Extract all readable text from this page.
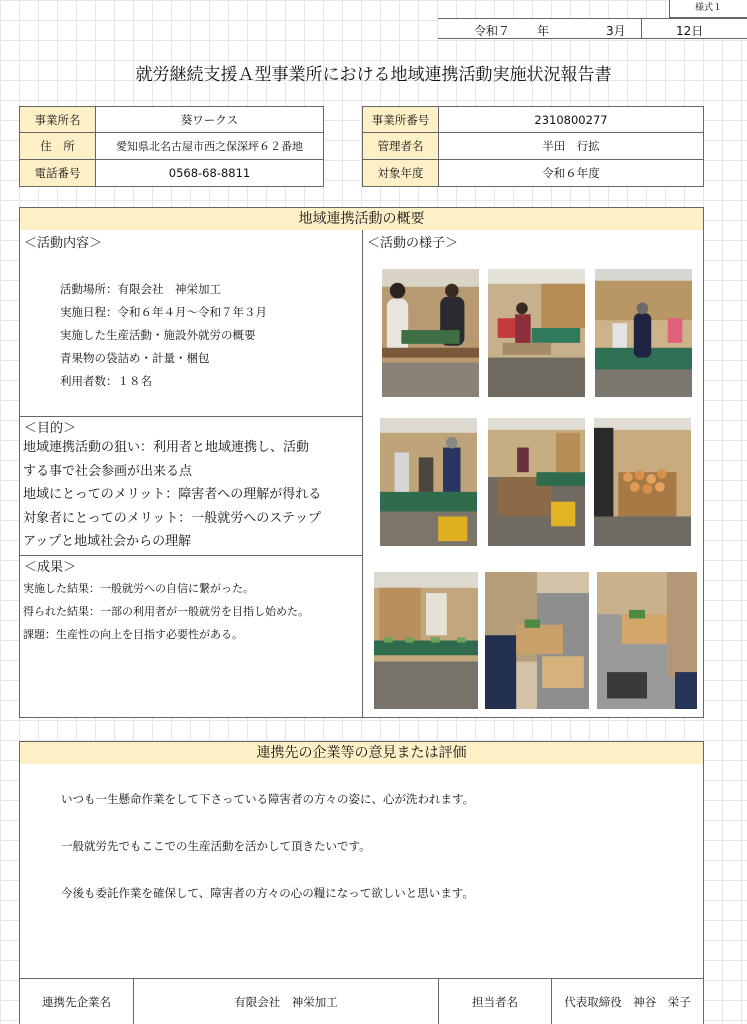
様式１
令和７ 年	3月	12日
就労継続支援Ａ型事業所における地域連携活動実施状況報告書
事業所名	葵ワークス
住　所	愛知県北名古屋市西之保深坪６２番地
電話番号	0568-68-8811
事業所番号	2310800277
管理者名	半田　行拡
対象年度	令和６年度
地域連携活動の概要
＜活動内容＞
活動場所：有限会社　神栄加工
実施日程：令和６年４月～令和７年３月
実施した生産活動・施設外就労の概要
青果物の袋詰め・計量・梱包
利用者数：１８名
＜目的＞
地域連携活動の狙い：利用者と地域連携し、活動
する事で社会参画が出来る点
地域にとってのメリット：障害者への理解が得れる
対象者にとってのメリット：一般就労へのステップ
アップと地域社会からの理解
＜成果＞
実施した結果：一般就労への自信に繋がった。
得られた結果：一部の利用者が一般就労を目指し始めた。
課題：生産性の向上を目指す必要性がある。
＜活動の様子＞
連携先の企業等の意見または評価
いつも一生懸命作業をして下さっている障害者の方々の姿に、心が洗われます。
一般就労先でもここでの生産活動を活かして頂きたいです。
今後も委託作業を確保して、障害者の方々の心の糧になって欲しいと思います。
連携先企業名	有限会社　神栄加工	担当者名	代表取締役　神谷　栄子
